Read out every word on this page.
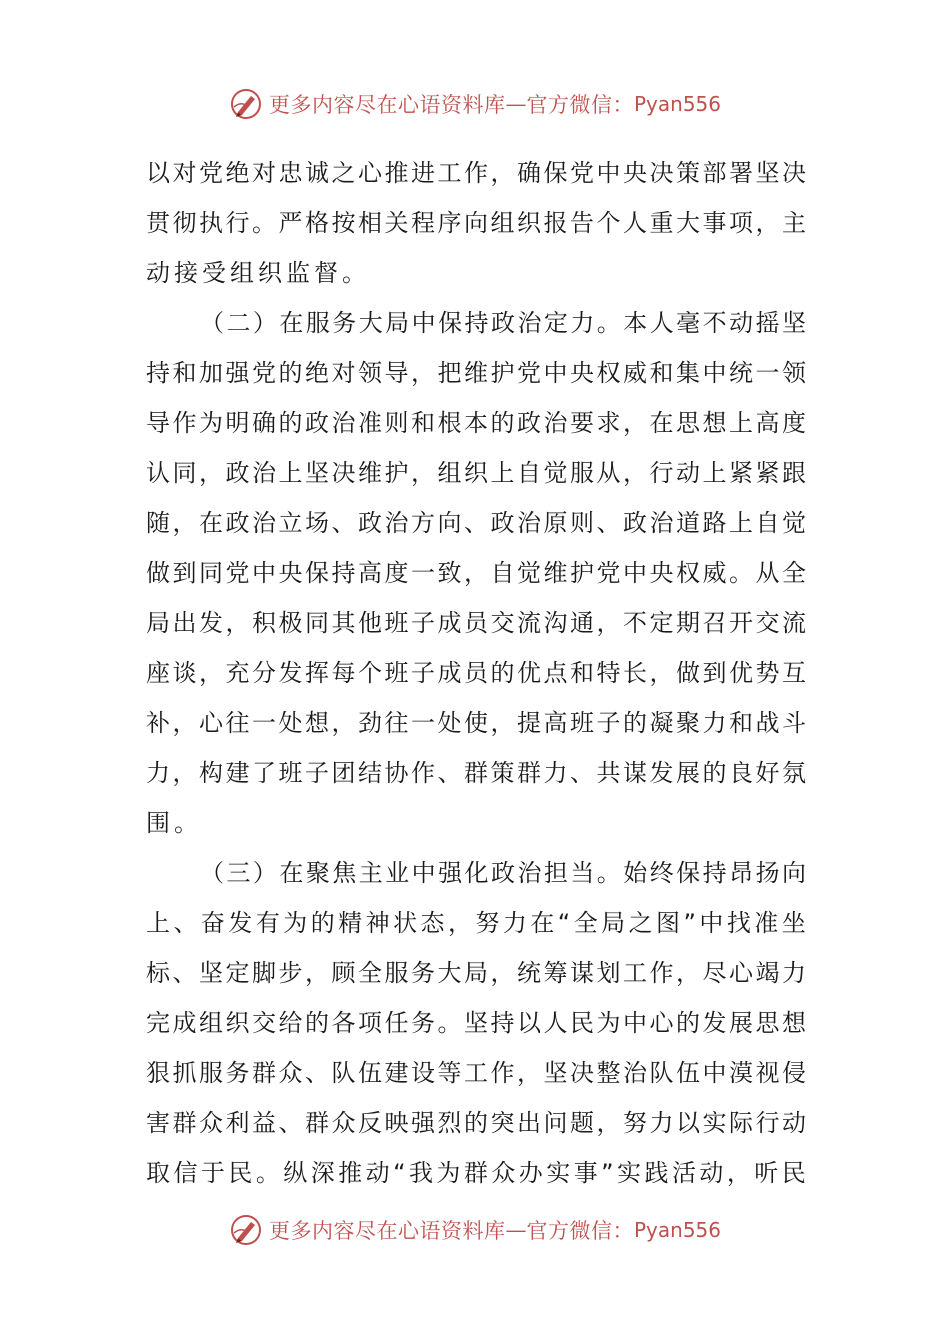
更多内容尽在心语资料库 — 官方微信： Pyan556
以 对 党 绝 对 忠 诚 之 心 推 进 工 作 ， 确 保 党 中 央 决 策 部 署 坚 决
贯 彻 执 行 。 严 格 按 相 关 程 序 向 组 织 报 告 个 人 重 大 事 项 ， 主
动接受组织监督。
（ 二 ） 在 服 务 大 局 中 保 持 政 治 定 力 。 本 人 毫 不 动 摇 坚
持 和 加 强 党 的 绝 对 领 导 ， 把 维 护 党 中 央 权 威 和 集 中 统 一 领
导 作 为 明 确 的 政 治 准 则 和 根 本 的 政 治 要 求 ， 在 思 想 上 高 度
认 同 ， 政 治 上 坚 决 维 护 ， 组 织 上 自 觉 服 从 ， 行 动 上 紧 紧 跟
随 ， 在 政 治 立 场 、 政 治 方 向 、 政 治 原 则 、 政 治 道 路 上 自 觉
做 到 同 党 中 央 保 持 高 度 一 致 ， 自 觉 维 护 党 中 央 权 威 。 从 全
局 出 发 ， 积 极 同 其 他 班 子 成 员 交 流 沟 通 ， 不 定 期 召 开 交 流
座 谈 ， 充 分 发 挥 每 个 班 子 成 员 的 优 点 和 特 长 ， 做 到 优 势 互
补 ， 心 往 一 处 想 ， 劲 往 一 处 使 ， 提 高 班 子 的 凝 聚 力 和 战 斗
力 ， 构 建 了 班 子 团 结 协 作 、 群 策 群 力 、 共 谋 发 展 的 良 好 氛
围。
（ 三 ） 在 聚 焦 主 业 中 强 化 政 治 担 当 。 始 终 保 持 昂 扬 向
上 、 奋 发 有 为 的 精 神 状 态 ， 努 力 在 “ 全 局 之 图 ” 中 找 准 坐
标 、 坚 定 脚 步 ， 顾 全 服 务 大 局 ， 统 筹 谋 划 工 作 ， 尽 心 竭 力
完 成 组 织 交 给 的 各 项 任 务 。 坚 持 以 人 民 为 中 心 的 发 展 思 想
狠 抓 服 务 群 众 、 队 伍 建 设 等 工 作 ， 坚 决 整 治 队 伍 中 漠 视 侵
害 群 众 利 益 、 群 众 反 映 强 烈 的 突 出 问 题 ， 努 力 以 实 际 行 动
取 信 于 民 。 纵 深 推 动 “ 我 为 群 众 办 实 事 ” 实 践 活 动 ， 听 民
更多内容尽在心语资料库 — 官方微信： Pyan556
